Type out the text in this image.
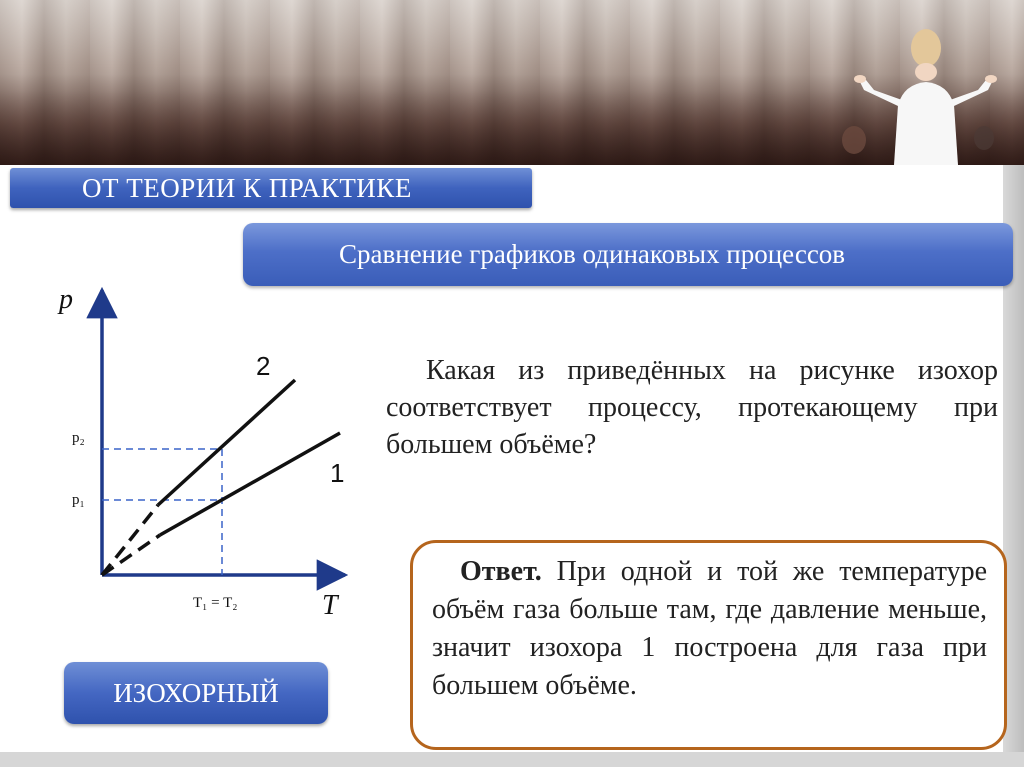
ОТ ТЕОРИИ К ПРАКТИКЕ
Сравнение графиков одинаковых процессов
p
T
p₂
p₁
T₁ = T₂
2
1
Какая из приведённых на рисунке изохор соответствует процессу, протекающему при большем объёме?
Ответ. При одной и той же температуре объём газа больше там, где давление меньше, значит изохора 1 построена для газа при большем объёме.
ИЗОХОРНЫЙ
